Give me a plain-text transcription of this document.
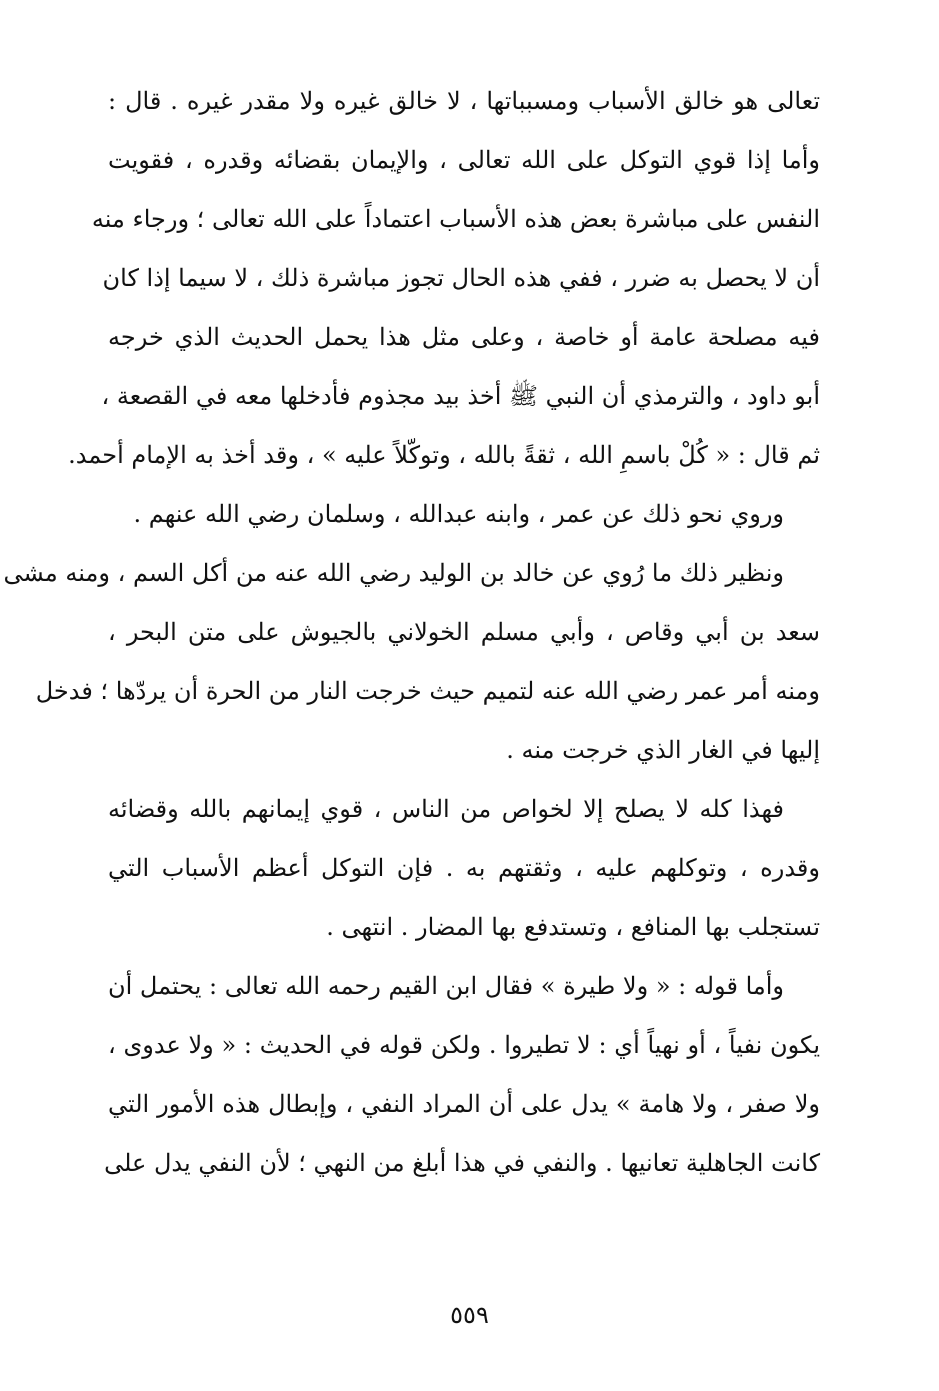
تعالى هو خالق الأسباب ومسبباتها ، لا خالق غيره ولا مقدر غيره . قال :
وأما إذا قوي التوكل على الله تعالى ، والإيمان بقضائه وقدره ، فقويت
النفس على مباشرة بعض هذه الأسباب اعتماداً على الله تعالى ؛ ورجاء منه
أن لا يحصل به ضرر ، ففي هذه الحال تجوز مباشرة ذلك ، لا سيما إذا كان
فيه مصلحة عامة أو خاصة ، وعلى مثل هذا يحمل الحديث الذي خرجه
أبو داود ، والترمذي أن النبي ﷺ أخذ بيد مجذوم فأدخلها معه في القصعة ،
ثم قال : « كُلْ باسمِ الله ، ثقةً بالله ، وتوكّلاً عليه » ، وقد أخذ به الإمام أحمد.
وروي نحو ذلك عن عمر ، وابنه عبدالله ، وسلمان رضي الله عنهم .
ونظير ذلك ما رُوي عن خالد بن الوليد رضي الله عنه من أكل السم ، ومنه مشى
سعد بن أبي وقاص ، وأبي مسلم الخولاني بالجيوش على متن البحر ،
ومنه أمر عمر رضي الله عنه لتميم حيث خرجت النار من الحرة أن يردّها ؛ فدخل
إليها في الغار الذي خرجت منه .
فهذا كله لا يصلح إلا لخواص من الناس ، قوي إيمانهم بالله وقضائه
وقدره ، وتوكلهم عليه ، وثقتهم به . فإن التوكل أعظم الأسباب التي
تستجلب بها المنافع ، وتستدفع بها المضار . انتهى .
وأما قوله : « ولا طيرة » فقال ابن القيم رحمه الله تعالى : يحتمل أن
يكون نفياً ، أو نهياً أي : لا تطيروا . ولكن قوله في الحديث : « ولا عدوى ،
ولا صفر ، ولا هامة » يدل على أن المراد النفي ، وإبطال هذه الأمور التي
كانت الجاهلية تعانيها . والنفي في هذا أبلغ من النهي ؛ لأن النفي يدل على
٥٥٩
